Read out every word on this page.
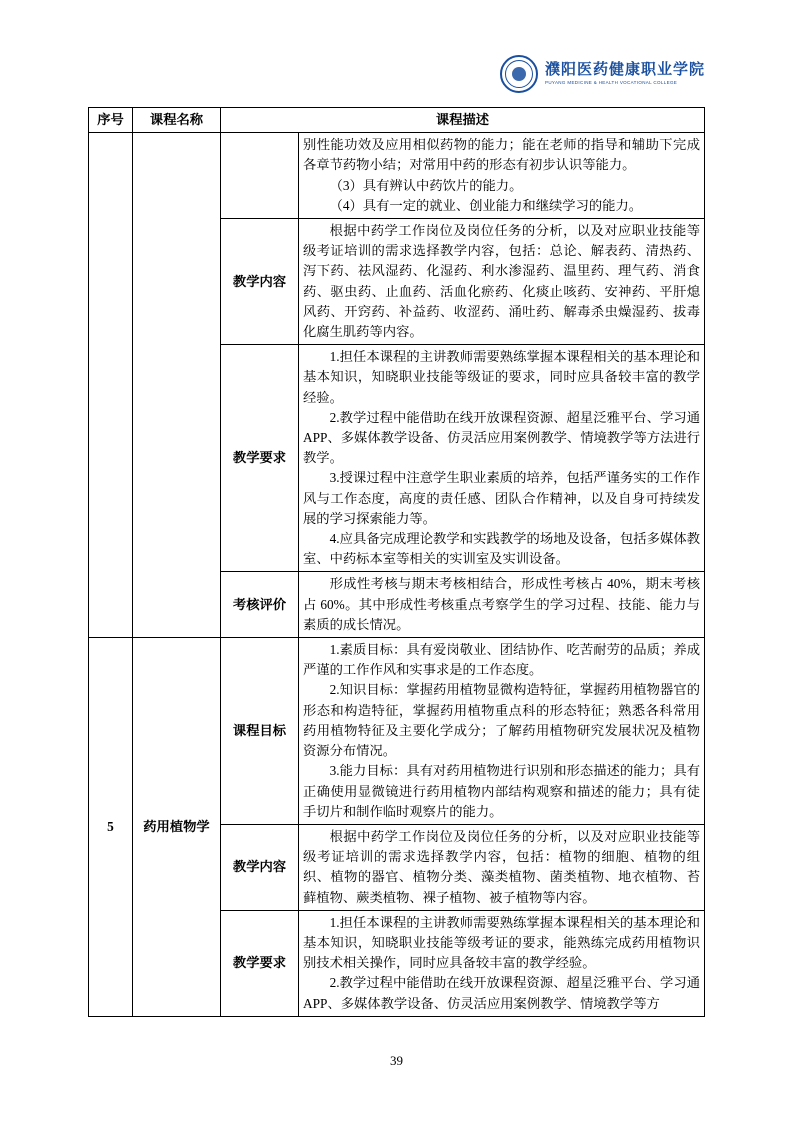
濮阳医药健康职业学院
PUYANG MEDICINE & HEALTH VOCATIONAL COLLEGE
序号	课程名称	课程描述	

			别性能功效及应用相似药物的能力；能在老师的指导和辅助下完成各章节药物小结；对常用中药的形态有初步认识等能力。

（3）具有辨认中药饮片的能力。

（4）具有一定的就业、创业能力和继续学习的能力。

		教学内容	根据中药学工作岗位及岗位任务的分析，以及对应职业技能等级考证培训的需求选择教学内容，包括：总论、解表药、清热药、泻下药、祛风湿药、化湿药、利水渗湿药、温里药、理气药、消食药、驱虫药、止血药、活血化瘀药、化痰止咳药、安神药、平肝熄风药、开窍药、补益药、收涩药、涌吐药、解毒杀虫燥湿药、拔毒化腐生肌药等内容。

		教学要求	1.担任本课程的主讲教师需要熟练掌握本课程相关的基本理论和基本知识，知晓职业技能等级证的要求，同时应具备较丰富的教学经验。

2.教学过程中能借助在线开放课程资源、超星泛雅平台、学习通 APP、多媒体教学设备、仿灵活应用案例教学、情境教学等方法进行教学。

3.授课过程中注意学生职业素质的培养，包括严谨务实的工作作风与工作态度，高度的责任感、团队合作精神，以及自身可持续发展的学习探索能力等。

4.应具备完成理论教学和实践教学的场地及设备，包括多媒体教室、中药标本室等相关的实训室及实训设备。

		考核评价	形成性考核与期末考核相结合，形成性考核占 40%，期末考核占 60%。其中形成性考核重点考察学生的学习过程、技能、能力与素质的成长情况。

5	药用植物学	课程目标	1.素质目标：具有爱岗敬业、团结协作、吃苦耐劳的品质；养成严谨的工作作风和实事求是的工作态度。

2.知识目标：掌握药用植物显微构造特征，掌握药用植物器官的形态和构造特征，掌握药用植物重点科的形态特征；熟悉各科常用药用植物特征及主要化学成分；了解药用植物研究发展状况及植物资源分布情况。

3.能力目标：具有对药用植物进行识别和形态描述的能力；具有正确使用显微镜进行药用植物内部结构观察和描述的能力；具有徒手切片和制作临时观察片的能力。

		教学内容	根据中药学工作岗位及岗位任务的分析，以及对应职业技能等级考证培训的需求选择教学内容，包括：植物的细胞、植物的组织、植物的器官、植物分类、藻类植物、菌类植物、地衣植物、苔藓植物、蕨类植物、裸子植物、被子植物等内容。

		教学要求	1.担任本课程的主讲教师需要熟练掌握本课程相关的基本理论和基本知识，知晓职业技能等级考证的要求，能熟练完成药用植物识别技术相关操作，同时应具备较丰富的教学经验。

2.教学过程中能借助在线开放课程资源、超星泛雅平台、学习通 APP、多媒体教学设备、仿灵活应用案例教学、情境教学等方

39
